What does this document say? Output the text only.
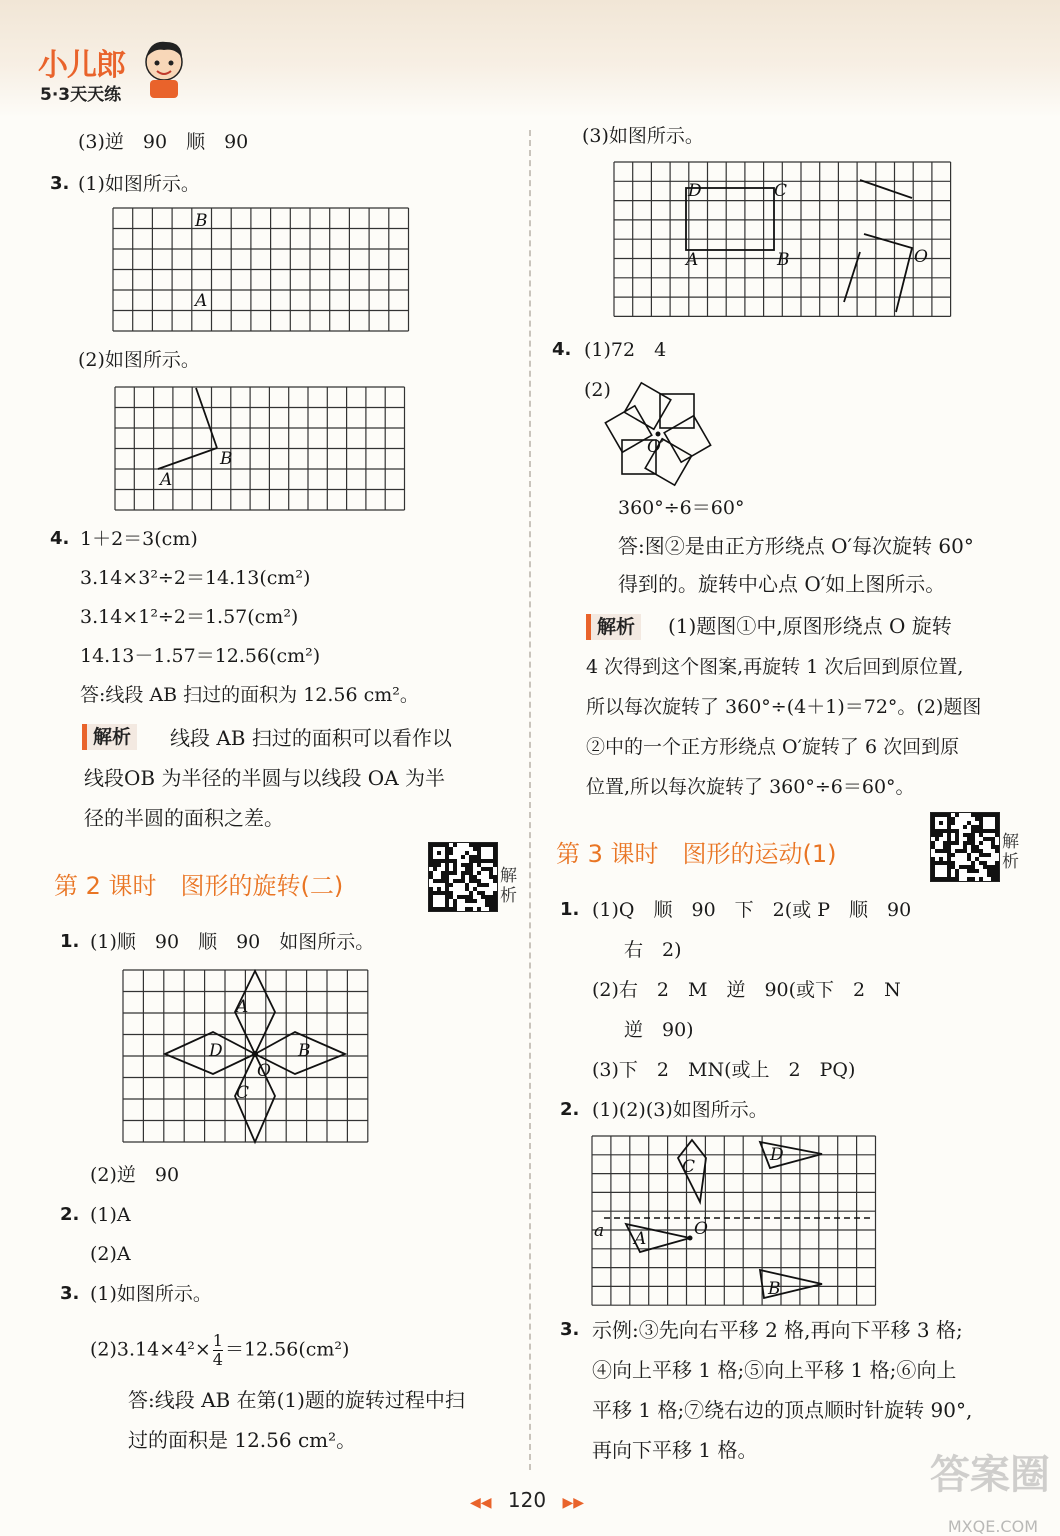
小儿郎
5·3天天练
(3)逆　90　顺　90
3. (1)如图所示。
B
A
(2)如图所示。
B
A
4. 1＋2＝3(cm)
3.14×3²÷2＝14.13(cm²)
3.14×1²÷2＝1.57(cm²)
14.13－1.57＝12.56(cm²)
答:线段 AB 扫过的面积为 12.56 cm²。
解析	线段 AB 扫过的面积可以看作以
线段OB 为半径的半圆与以线段 OA 为半
径的半圆的面积之差。
第 2 课时　图形的旋转(二)	解析
1. (1)顺　90　顺　90　如图所示。
A
B
C
D
O
(2)逆　90
2. (1)A
(2)A
3. (1)如图所示。
$(2)3.14\times 4^2\times \frac{1}{4} =12.56(cm^2)$
答:线段 AB 在第(1)题的旋转过程中扫
过的面积是 12.56 cm²。
(3)如图所示。
D	C
A	B	O
4. (1)72　4
(2)
O′
360°÷6＝60°
答:图②是由正方形绕点 O′每次旋转 60°
得到的。旋转中心点 O′如上图所示。
解析	(1)题图①中,原图形绕点 O 旋转
4 次得到这个图案,再旋转 1 次后回到原位置,
所以每次旋转了 360°÷(4＋1)＝72°。(2)题图
②中的一个正方形绕点 O′旋转了 6 次回到原
位置,所以每次旋转了 360°÷6＝60°。
第 3 课时　图形的运动(1)	解析
1. (1)Q　顺　90　下　2(或 P　顺　90
右　2)
(2)右　2　M　逆　90(或下　2　N
逆　90)
(3)下　2　MN(或上　2　PQ)
2. (1)(2)(3)如图所示。
C
D
A	O
B
a
3. 示例:③先向右平移 2 格,再向下平移 3 格;
④向上平移 1 格;⑤向上平移 1 格;⑥向上
平移 1 格;⑦绕右边的顶点顺时针旋转 90°,
再向下平移 1 格。
◀◀ 120 ▶▶
答案圈
MXQE.COM
